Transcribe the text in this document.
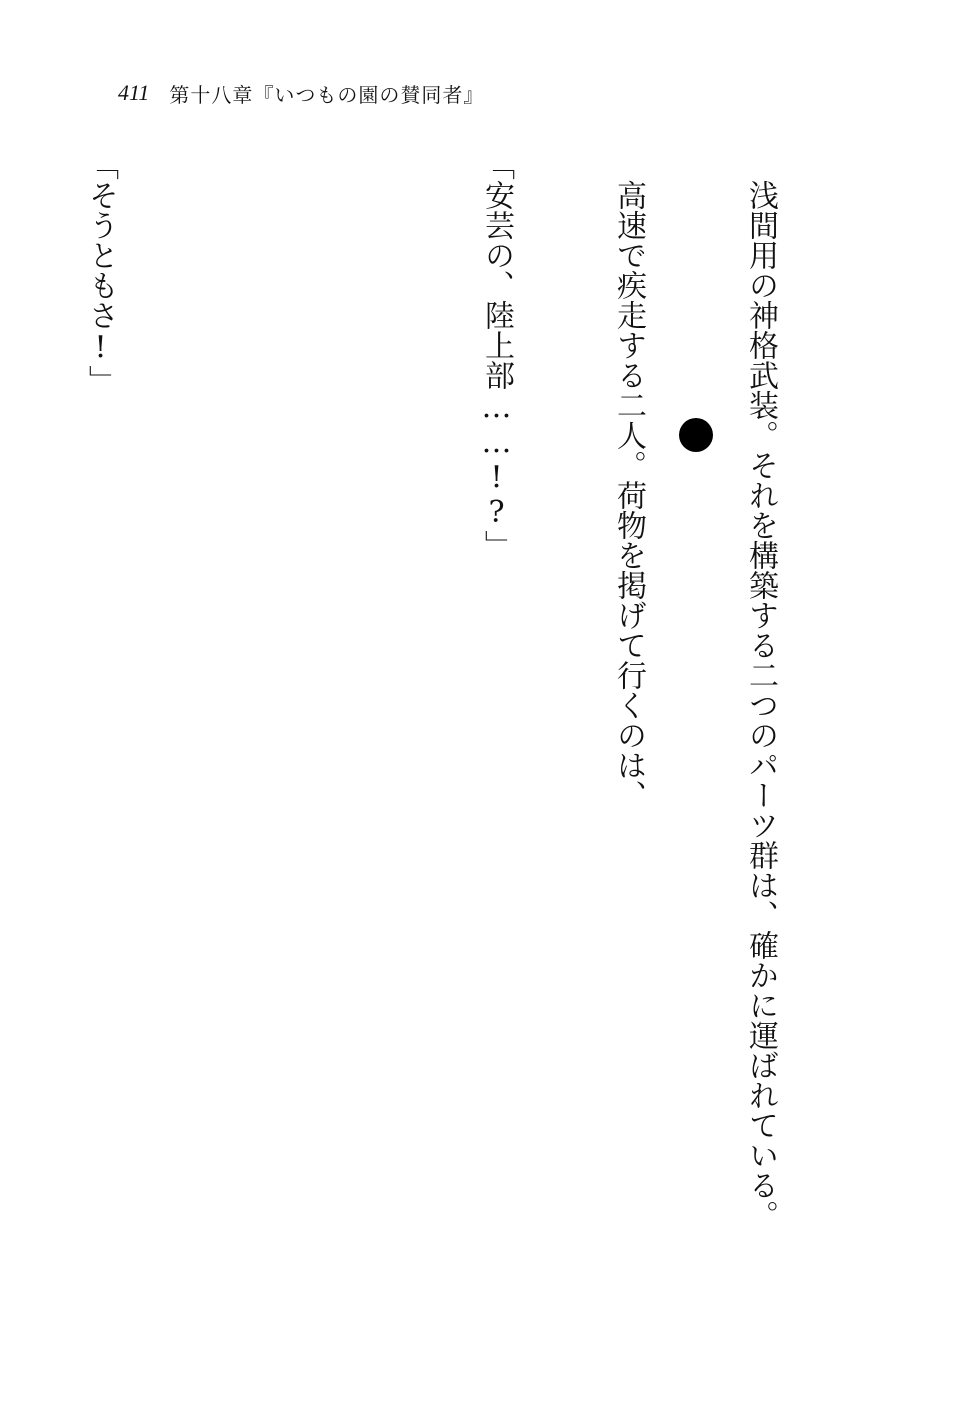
411 第十八章『いつもの園の賛同者』

浅間用の神格武装。それを構築する二つのパーツ群は、確かに運ばれている。

高速で疾走する二人。荷物を掲げて行くのは、

「安芸の、陸上部……!?」

「そうともさ!」
